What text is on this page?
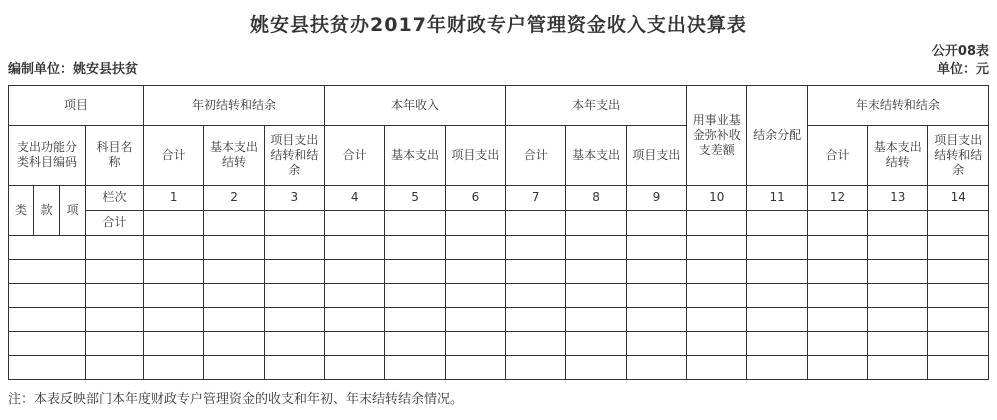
姚安县扶贫办2017年财政专户管理资金收入支出决算表
公开08表
编制单位：姚安县扶贫	单位：元
项目				年初结转和结余			本年收入			本年支出			用事业基金弥补收支差额	结余分配	年末结转和结余		
支出功能分类科目编码			科目名称	合计	基本支出结转	项目支出结转和结余	合计	基本支出	项目支出	合计	基本支出	项目支出			合计	基本支出结转	项目支出结转和结余
类	款	项	栏次	1	2	3	4	5	6	7	8	9	10	11	12	13	14
			合计														

注：本表反映部门本年度财政专户管理资金的收支和年初、年末结转结余情况。
